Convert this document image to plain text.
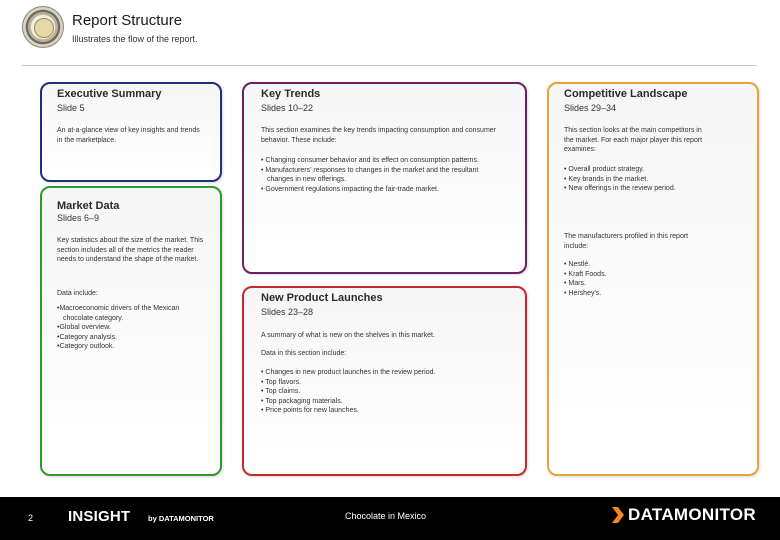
Report Structure
Illustrates the flow of the report.
Executive Summary
Slide 5
An at-a-glance view of key insights and trends in the marketplace.
Market Data
Slides 6–9
Key statistics about the size of the market. This section includes all of the metrics the reader needs to understand the shape of the market.
Data include:
•Macroeconomic drivers of the Mexican chocolate category.
•Global overview.
•Category analysis.
•Category outlook.
Key Trends
Slides 10–22
This section examines the key trends impacting consumption and consumer behavior. These include:
• Changing consumer behavior and its effect on consumption patterns.
• Manufacturers’ responses to changes in the market and the resultant changes in new offerings.
• Government regulations impacting the fair-trade market.
New Product Launches
Slides 23–28
A summary of what is new on the shelves in this market.
Data in this section include:
• Changes in new product launches in the review period.
• Top flavors.
• Top claims.
• Top packaging materials.
• Price points for new launches.
Competitive Landscape
Slides 29–34
This section looks at the main competitors in the market. For each major player this report examines:
• Overall product strategy.
• Key brands in the market.
• New offerings in the review period.
The manufacturers profiled in this report include:
• Nestlé.
• Kraft Foods.
• Mars.
• Hershey's.
2 INSIGHT by DATAMONITOR	Chocolate in Mexico	DATAMONITOR
